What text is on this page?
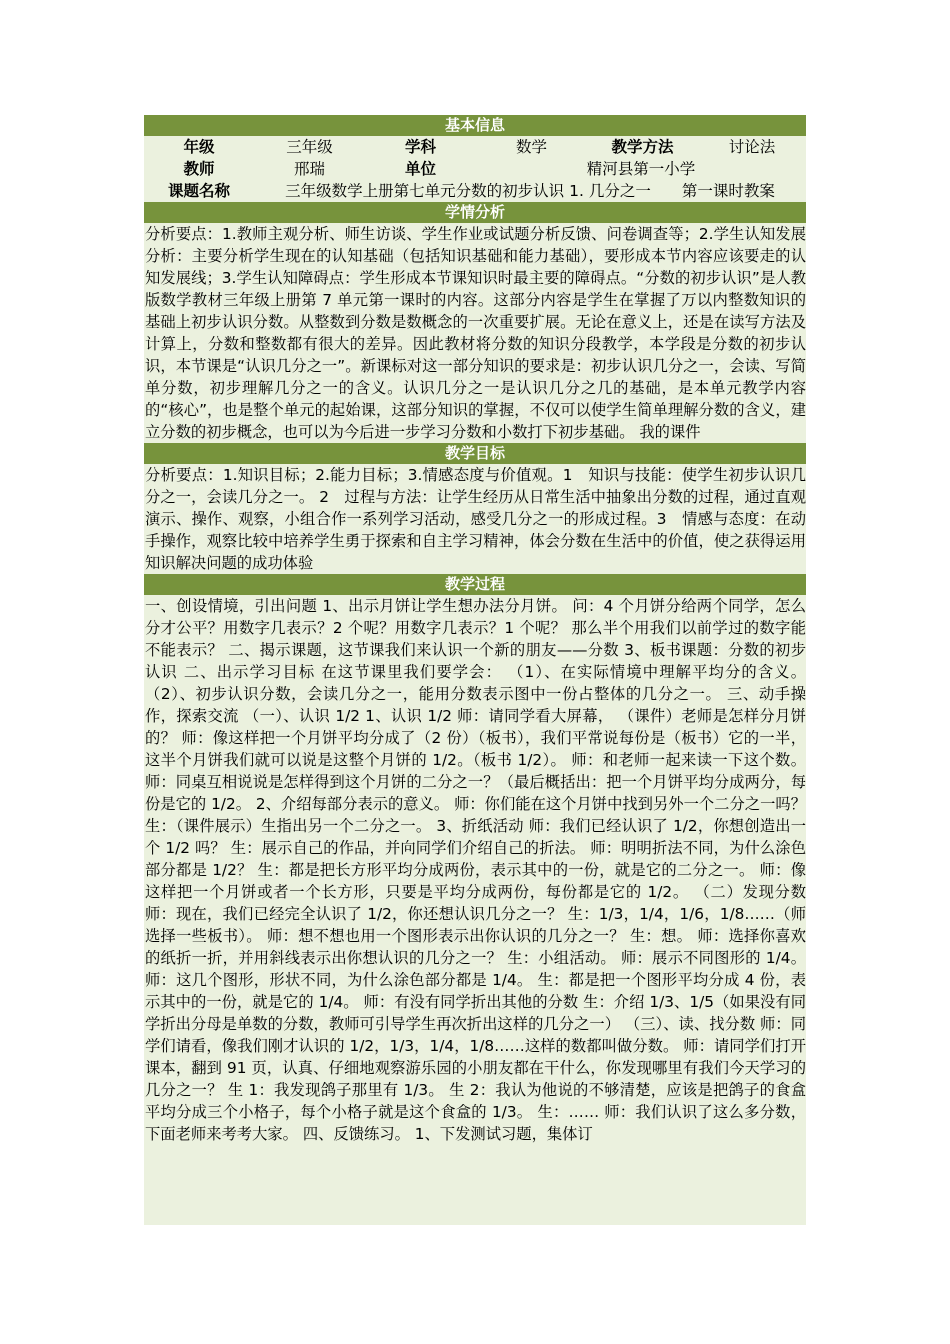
基本信息
年级	三年级	学科	数学	教学方法	讨论法
教师	邢瑞	单位	精河县第一小学
课题名称	三年级数学上册第七单元分数的初步认识 1. 几分之一　　第一课时教案
学情分析
分析要点：1.教师主观分析、师生访谈、学生作业或试题分析反馈、问卷调查等；2.学生认知发展分析：主要分析学生现在的认知基础（包括知识基础和能力基础），要形成本节内容应该要走的认知发展线；3.学生认知障碍点：学生形成本节课知识时最主要的障碍点。“分数的初步认识”是人教版数学教材三年级上册第 7 单元第一课时的内容。这部分内容是学生在掌握了万以内整数知识的基础上初步认识分数。从整数到分数是数概念的一次重要扩展。无论在意义上，还是在读写方法及计算上，分数和整数都有很大的差异。因此教材将分数的知识分段教学，本学段是分数的初步认识，本节课是“认识几分之一”。新课标对这一部分知识的要求是：初步认识几分之一，会读、写简单分数，初步理解几分之一的含义。认识几分之一是认识几分之几的基础，是本单元教学内容的“核心”，也是整个单元的起始课，这部分知识的掌握，不仅可以使学生简单理解分数的含义，建立分数的初步概念，也可以为今后进一步学习分数和小数打下初步基础。 我的课件
教学目标
分析要点：1.知识目标；2.能力目标；3.情感态度与价值观。1　知识与技能：使学生初步认识几分之一，会读几分之一。 2　过程与方法：让学生经历从日常生活中抽象出分数的过程，通过直观演示、操作、观察，小组合作一系列学习活动，感受几分之一的形成过程。3　情感与态度：在动手操作，观察比较中培养学生勇于探索和自主学习精神，体会分数在生活中的价值，使之获得运用知识解决问题的成功体验
教学过程
一、创设情境，引出问题 1、出示月饼让学生想办法分月饼。 问：4 个月饼分给两个同学，怎么分才公平？用数字几表示？2 个呢？用数字几表示？1 个呢？ 那么半个用我们以前学过的数字能不能表示？ 二、揭示课题，这节课我们来认识一个新的朋友——分数 3、板书课题：分数的初步认识 二、出示学习目标 在这节课里我们要学会： （1）、在实际情境中理解平均分的含义。 （2）、初步认识分数，会读几分之一，能用分数表示图中一份占整体的几分之一。 三、动手操作，探索交流 （一）、认识 1/2 1、认识 1/2 师：请同学看大屏幕， （课件）老师是怎样分月饼的？ 师：像这样把一个月饼平均分成了（2 份）（板书），我们平常说每份是（板书）它的一半，这半个月饼我们就可以说是这整个月饼的 1/2。（板书 1/2）。 师：和老师一起来读一下这个数。 师：同桌互相说说是怎样得到这个月饼的二分之一？（最后概括出：把一个月饼平均分成两分，每份是它的 1/2。 2、介绍每部分表示的意义。 师：你们能在这个月饼中找到另外一个二分之一吗？ 生：（课件展示）生指出另一个二分之一。 3、折纸活动 师：我们已经认识了 1/2，你想创造出一个 1/2 吗？ 生：展示自己的作品，并向同学们介绍自己的折法。 师：明明折法不同，为什么涂色部分都是 1/2？ 生：都是把长方形平均分成两份，表示其中的一份，就是它的二分之一。 师：像这样把一个月饼或者一个长方形，只要是平均分成两份，每份都是它的 1/2。 （二）发现分数 师：现在，我们已经完全认识了 1/2，你还想认识几分之一？ 生：1/3，1/4，1/6，1/8……（师选择一些板书）。 师：想不想也用一个图形表示出你认识的几分之一？ 生：想。 师：选择你喜欢的纸折一折，并用斜线表示出你想认识的几分之一？ 生：小组活动。 师：展示不同图形的 1/4。 师：这几个图形，形状不同，为什么涂色部分都是 1/4。 生：都是把一个图形平均分成 4 份，表示其中的一份，就是它的 1/4。 师：有没有同学折出其他的分数 生：介绍 1/3、1/5（如果没有同学折出分母是单数的分数，教师可引导学生再次折出这样的几分之一） （三）、读、找分数 师：同学们请看，像我们刚才认识的 1/2，1/3，1/4，1/8……这样的数都叫做分数。 师：请同学们打开课本，翻到 91 页，认真、仔细地观察游乐园的小朋友都在干什么，你发现哪里有我们今天学习的几分之一？ 生 1：我发现鸽子那里有 1/3。 生 2：我认为他说的不够清楚，应该是把鸽子的食盒平均分成三个小格子，每个小格子就是这个食盒的 1/3。 生：…… 师：我们认识了这么多分数，下面老师来考考大家。 四、反馈练习。 1、下发测试习题，集体订
